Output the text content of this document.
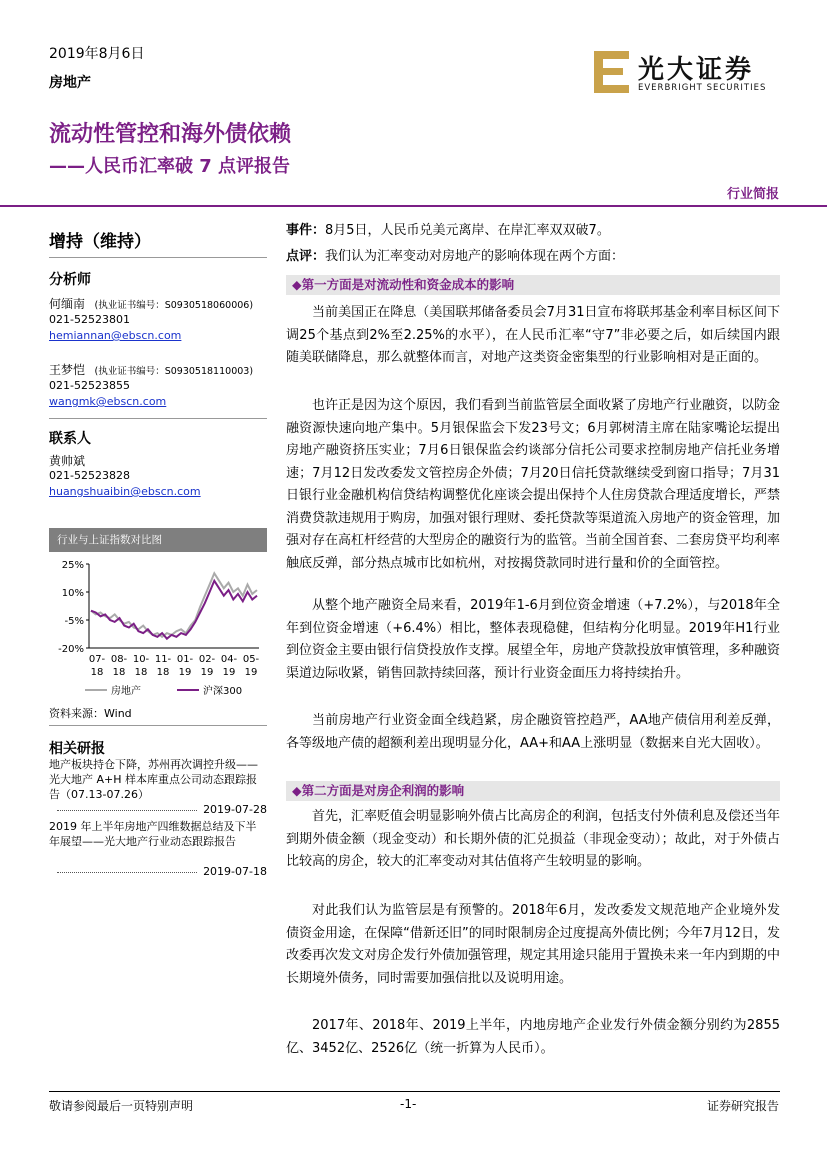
2019年8月6日
房地产
流动性管控和海外债依赖
——人民币汇率破 7 点评报告
行业简报
光大证券
EVERBRIGHT SECURITIES
增持（维持）
分析师
何缅南 (执业证书编号：S0930518060006)
021-52523801
hemiannan@ebscn.com
王梦恺 (执业证书编号：S0930518110003)
021-52523855
wangmk@ebscn.com
联系人
黄帅斌
021-52523828
huangshuaibin@ebscn.com
行业与上证指数对比图
25%
10%
-5%
-20%
07-
18
08-
18
10-
18
11-
18
01-
19
02-
19
04-
19
05-
19
房地产	沪深300
资料来源：Wind
相关研报
地产板块持仓下降，苏州再次调控升级——光大地产 A+H 样本库重点公司动态跟踪报告（07.13-07.26）
2019-07-28
2019 年上半年房地产四维数据总结及下半年展望——光大地产行业动态跟踪报告
2019-07-18
事件：8月5日，人民币兑美元离岸、在岸汇率双双破7。
点评：我们认为汇率变动对房地产的影响体现在两个方面：
◆第一方面是对流动性和资金成本的影响

当前美国正在降息（美国联邦储备委员会7月31日宣布将联邦基金利率目标区间下调25个基点到2%至2.25%的水平），在人民币汇率“守7”非必要之后，如后续国内跟随美联储降息，那么就整体而言，对地产这类资金密集型的行业影响相对是正面的。

也许正是因为这个原因，我们看到当前监管层全面收紧了房地产行业融资，以防金融资源快速向地产集中。5月银保监会下发23号文；6月郭树清主席在陆家嘴论坛提出房地产融资挤压实业；7月6日银保监会约谈部分信托公司要求控制房地产信托业务增速；7月12日发改委发文管控房企外债；7月20日信托贷款继续受到窗口指导；7月31日银行业金融机构信贷结构调整优化座谈会提出保持个人住房贷款合理适度增长，严禁消费贷款违规用于购房，加强对银行理财、委托贷款等渠道流入房地产的资金管理，加强对存在高杠杆经营的大型房企的融资行为的监管。当前全国首套、二套房贷平均利率触底反弹，部分热点城市比如杭州，对按揭贷款同时进行量和价的全面管控。

从整个地产融资全局来看，2019年1-6月到位资金增速（+7.2%），与2018年全年到位资金增速（+6.4%）相比，整体表现稳健，但结构分化明显。2019年H1行业到位资金主要由银行信贷投放作支撑。展望全年，房地产贷款投放审慎管理，多种融资渠道边际收紧，销售回款持续回落，预计行业资金面压力将持续抬升。

当前房地产行业资金面全线趋紧，房企融资管控趋严，AA地产债信用利差反弹，各等级地产债的超额利差出现明显分化，AA+和AA上涨明显（数据来自光大固收）。

◆第二方面是对房企利润的影响

首先，汇率贬值会明显影响外债占比高房企的利润，包括支付外债利息及偿还当年到期外债金额（现金变动）和长期外债的汇兑损益（非现金变动）；故此，对于外债占比较高的房企，较大的汇率变动对其估值将产生较明显的影响。

对此我们认为监管层是有预警的。2018年6月，发改委发文规范地产企业境外发债资金用途，在保障“借新还旧”的同时限制房企过度提高外债比例；今年7月12日，发改委再次发文对房企发行外债加强管理，规定其用途只能用于置换未来一年内到期的中长期境外债务，同时需要加强信批以及说明用途。

2017年、2018年、2019上半年，内地房地产企业发行外债金额分别约为2855亿、3452亿、2526亿（统一折算为人民币）。

敬请参阅最后一页特别声明	-1-	证券研究报告
